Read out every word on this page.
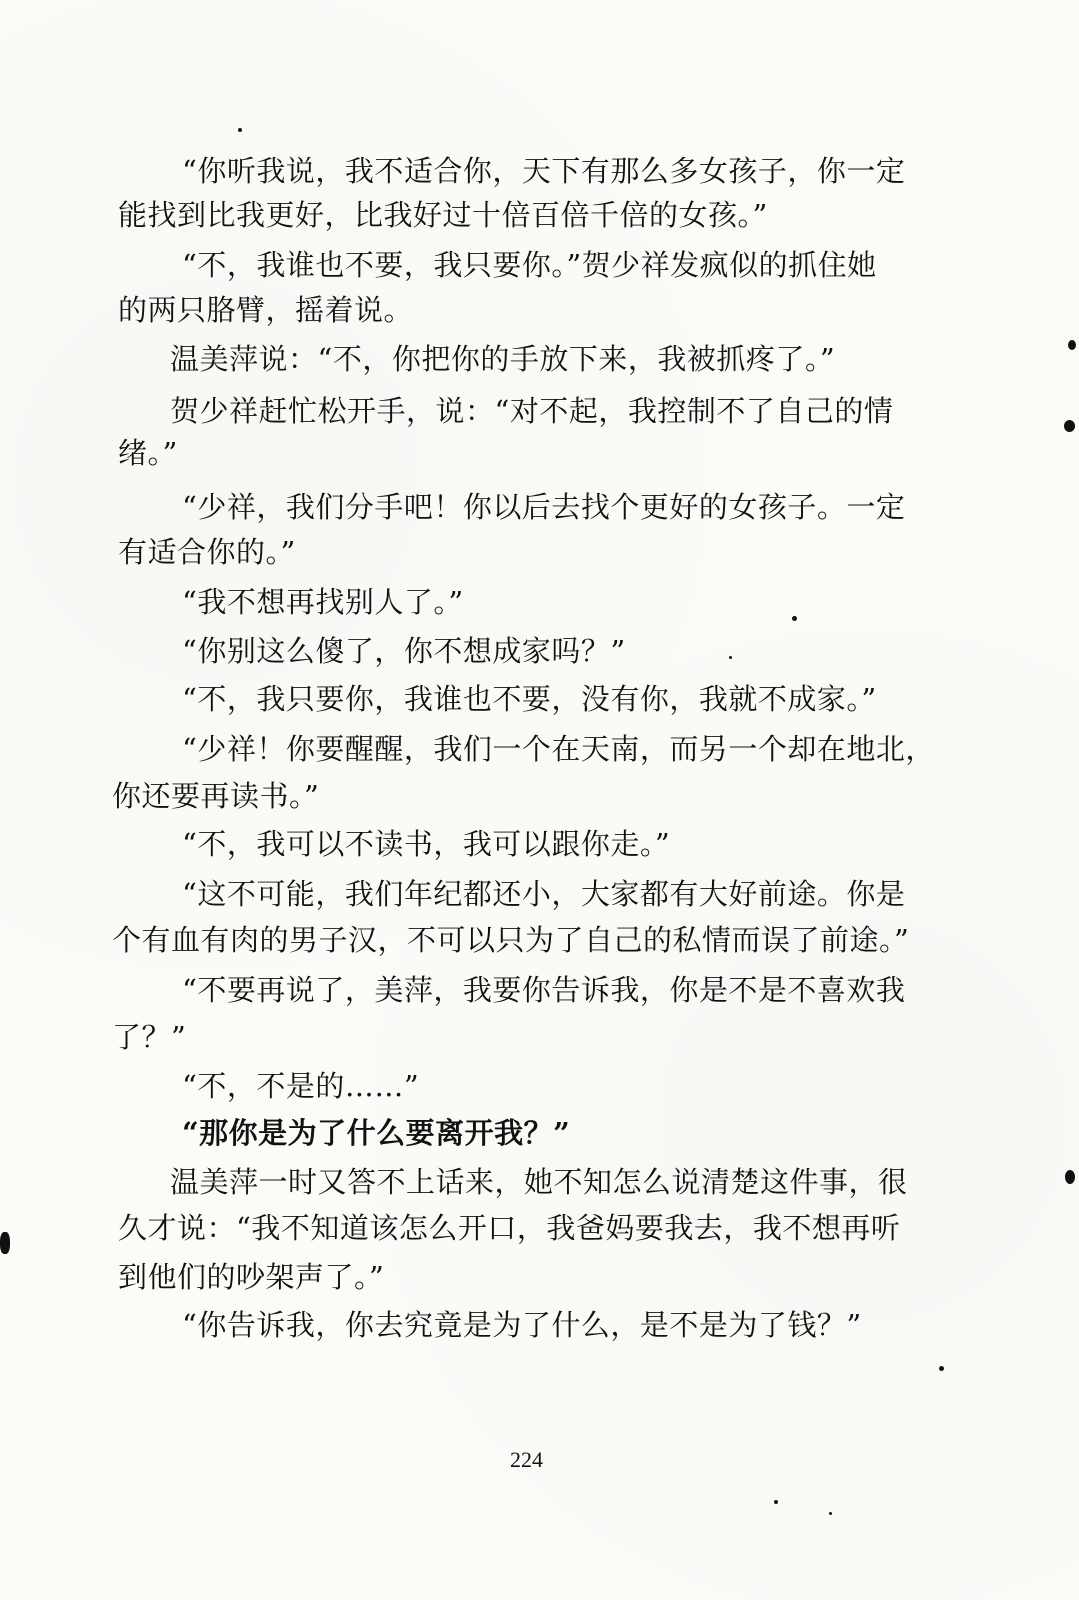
“你听我说，我不适合你，天下有那么多女孩子，你一定
能找到比我更好，比我好过十倍百倍千倍的女孩。”
“不，我谁也不要，我只要你。”贺少祥发疯似的抓住她
的两只胳臂，摇着说。
温美萍说：“不，你把你的手放下来，我被抓疼了。”
贺少祥赶忙松开手，说：“对不起，我控制不了自己的情
绪。”
“少祥，我们分手吧！你以后去找个更好的女孩子。一定
有适合你的。”
“我不想再找别人了。”
“你别这么傻了，你不想成家吗？”
“不，我只要你，我谁也不要，没有你，我就不成家。”
“少祥！你要醒醒，我们一个在天南，而另一个却在地北，
你还要再读书。”
“不，我可以不读书，我可以跟你走。”
“这不可能，我们年纪都还小，大家都有大好前途。你是
个有血有肉的男子汉，不可以只为了自己的私情而误了前途。”
“不要再说了，美萍，我要你告诉我，你是不是不喜欢我
了？”
“不，不是的……”
“那你是为了什么要离开我？”
温美萍一时又答不上话来，她不知怎么说清楚这件事，很
久才说：“我不知道该怎么开口，我爸妈要我去，我不想再听
到他们的吵架声了。”
“你告诉我，你去究竟是为了什么，是不是为了钱？”
224
